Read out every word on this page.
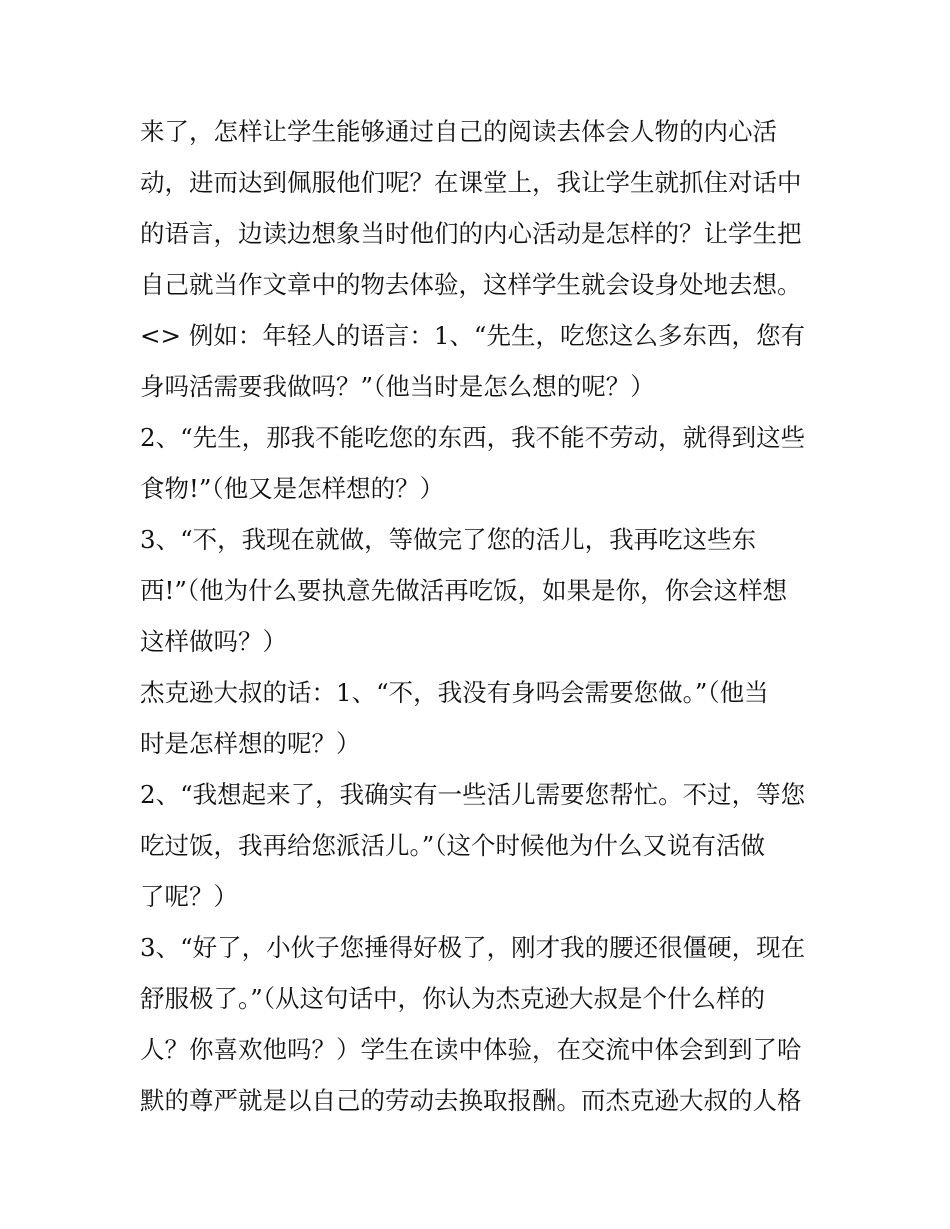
来了，怎样让学生能够通过自己的阅读去体会人物的内心活
动，进而达到佩服他们呢？在课堂上，我让学生就抓住对话中
的语言，边读边想象当时他们的内心活动是怎样的？让学生把
自己就当作文章中的物去体验，这样学生就会设身处地去想。
<> 例如：年轻人的语言：1、“先生，吃您这么多东西，您有
身吗活需要我做吗？”（他当时是怎么想的呢？）
2、“先生，那我不能吃您的东西，我不能不劳动，就得到这些
食物!”（他又是怎样想的？）
3、“不，我现在就做，等做完了您的活儿，我再吃这些东
西!”（他为什么要执意先做活再吃饭，如果是你，你会这样想
这样做吗？）
杰克逊大叔的话：1、“不，我没有身吗会需要您做。”（他当
时是怎样想的呢？）
2、“我想起来了，我确实有一些活儿需要您帮忙。不过，等您
吃过饭，我再给您派活儿。”（这个时候他为什么又说有活做
了呢？）
3、“好了，小伙子您捶得好极了，刚才我的腰还很僵硬，现在
舒服极了。”（从这句话中，你认为杰克逊大叔是个什么样的
人？你喜欢他吗？）学生在读中体验，在交流中体会到到了哈
默的尊严就是以自己的劳动去换取报酬。而杰克逊大叔的人格
